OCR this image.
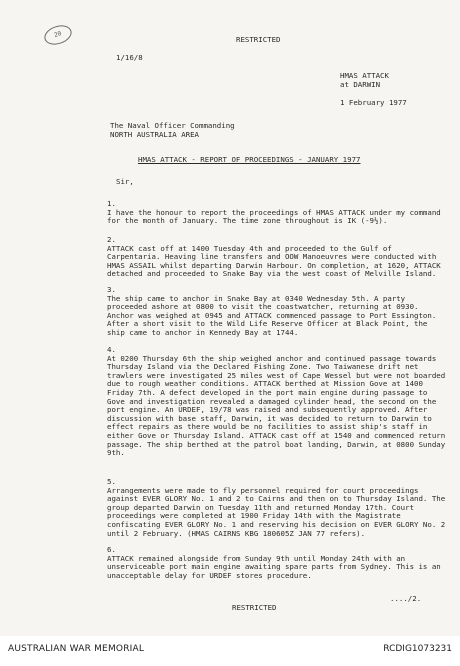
RESTRICTED
20
1/16/8
HMAS ATTACK
at DARWIN
1 February 1977
The Naval Officer Commanding
NORTH AUSTRALIA AREA
HMAS ATTACK - REPORT OF PROCEEDINGS - JANUARY 1977
Sir,
1.
I have the honour to report the proceedings of HMAS ATTACK under my command for the month of January. The time zone throughout is IK (-9½).
2.
ATTACK cast off at 1400 Tuesday 4th and proceeded to the Gulf of Carpentaria. Heaving line transfers and OOW Manoeuvres were conducted with HMAS ASSAIL whilst departing Darwin Harbour. On completion, at 1620, ATTACK detached and proceeded to Snake Bay via the west coast of Melville Island.
3.
The ship came to anchor in Snake Bay at 0340 Wednesday 5th. A party proceeded ashore at 0800 to visit the coastwatcher, returning at 0930. Anchor was weighed at 0945 and ATTACK commenced passage to Port Essington. After a short visit to the Wild Life Reserve Officer at Black Point, the ship came to anchor in Kennedy Bay at 1744.
4.
At 0200 Thursday 6th the ship weighed anchor and continued passage towards Thursday Island via the Declared Fishing Zone. Two Taiwanese drift net trawlers were investigated 25 miles west of Cape Wessel but were not boarded due to rough weather conditions. ATTACK berthed at Mission Gove at 1400 Friday 7th. A defect developed in the port main engine during passage to Gove and investigation revealed a damaged cylinder head, the second on the port engine. An URDEF, 19/78 was raised and subsequently approved. After discussion with base staff, Darwin, it was decided to return to Darwin to effect repairs as there would be no facilities to assist ship's staff in either Gove or Thursday Island. ATTACK cast off at 1540 and commenced return passage. The ship berthed at the patrol boat landing, Darwin, at 0800 Sunday 9th.
5.
Arrangements were made to fly personnel required for court proceedings against EVER GLORY No. 1 and 2 to Cairns and then on to Thursday Island. The group departed Darwin on Tuesday 11th and returned Monday 17th. Court proceedings were completed at 1900 Friday 14th with the Magistrate confiscating EVER GLORY No. 1 and reserving his decision on EVER GLORY No. 2 until 2 February. (HMAS CAIRNS KBG 180605Z JAN 77 refers).
6.
ATTACK remained alongside from Sunday 9th until Monday 24th with an unserviceable port main engine awaiting spare parts from Sydney. This is an unacceptable delay for URDEF stores procedure.
RESTRICTED
..../2.
AUSTRALIAN WAR MEMORIAL	RCDIG1073231
